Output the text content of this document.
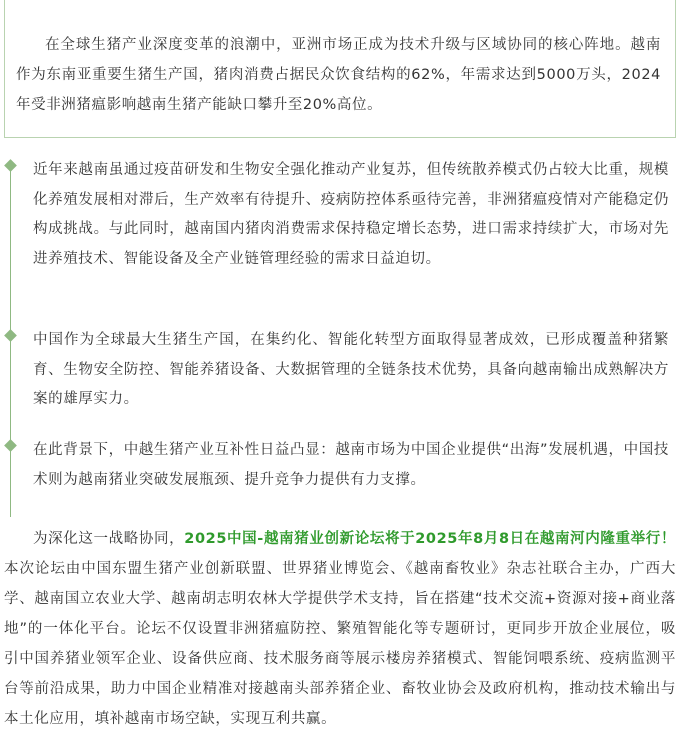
在全球生猪产业深度变革的浪潮中，亚洲市场正成为技术升级与区域协同的核心阵地。越南作为东南亚重要生猪生产国，猪肉消费占据民众饮食结构的62%，年需求达到5000万头，2024年受非洲猪瘟影响越南生猪产能缺口攀升至20%高位。
近年来越南虽通过疫苗研发和生物安全强化推动产业复苏，但传统散养模式仍占较大比重，规模化养殖发展相对滞后，生产效率有待提升、疫病防控体系亟待完善，非洲猪瘟疫情对产能稳定仍构成挑战。与此同时，越南国内猪肉消费需求保持稳定增长态势，进口需求持续扩大，市场对先进养殖技术、智能设备及全产业链管理经验的需求日益迫切。
中国作为全球最大生猪生产国，在集约化、智能化转型方面取得显著成效，已形成覆盖种猪繁育、生物安全防控、智能养猪设备、大数据管理的全链条技术优势，具备向越南输出成熟解决方案的雄厚实力。
在此背景下，中越生猪产业互补性日益凸显：越南市场为中国企业提供“出海”发展机遇，中国技术则为越南猪业突破发展瓶颈、提升竞争力提供有力支撑。
为深化这一战略协同，2025中国-越南猪业创新论坛将于2025年8月8日在越南河内隆重举行！本次论坛由中国东盟生猪产业创新联盟、世界猪业博览会、《越南畜牧业》杂志社联合主办，广西大学、越南国立农业大学、越南胡志明农林大学提供学术支持，旨在搭建“技术交流+资源对接+商业落地”的一体化平台。论坛不仅设置非洲猪瘟防控、繁殖智能化等专题研讨，更同步开放企业展位，吸引中国养猪业领军企业、设备供应商、技术服务商等展示楼房养猪模式、智能饲喂系统、疫病监测平台等前沿成果，助力中国企业精准对接越南头部养猪企业、畜牧业协会及政府机构，推动技术输出与本土化应用，填补越南市场空缺，实现互利共赢。
